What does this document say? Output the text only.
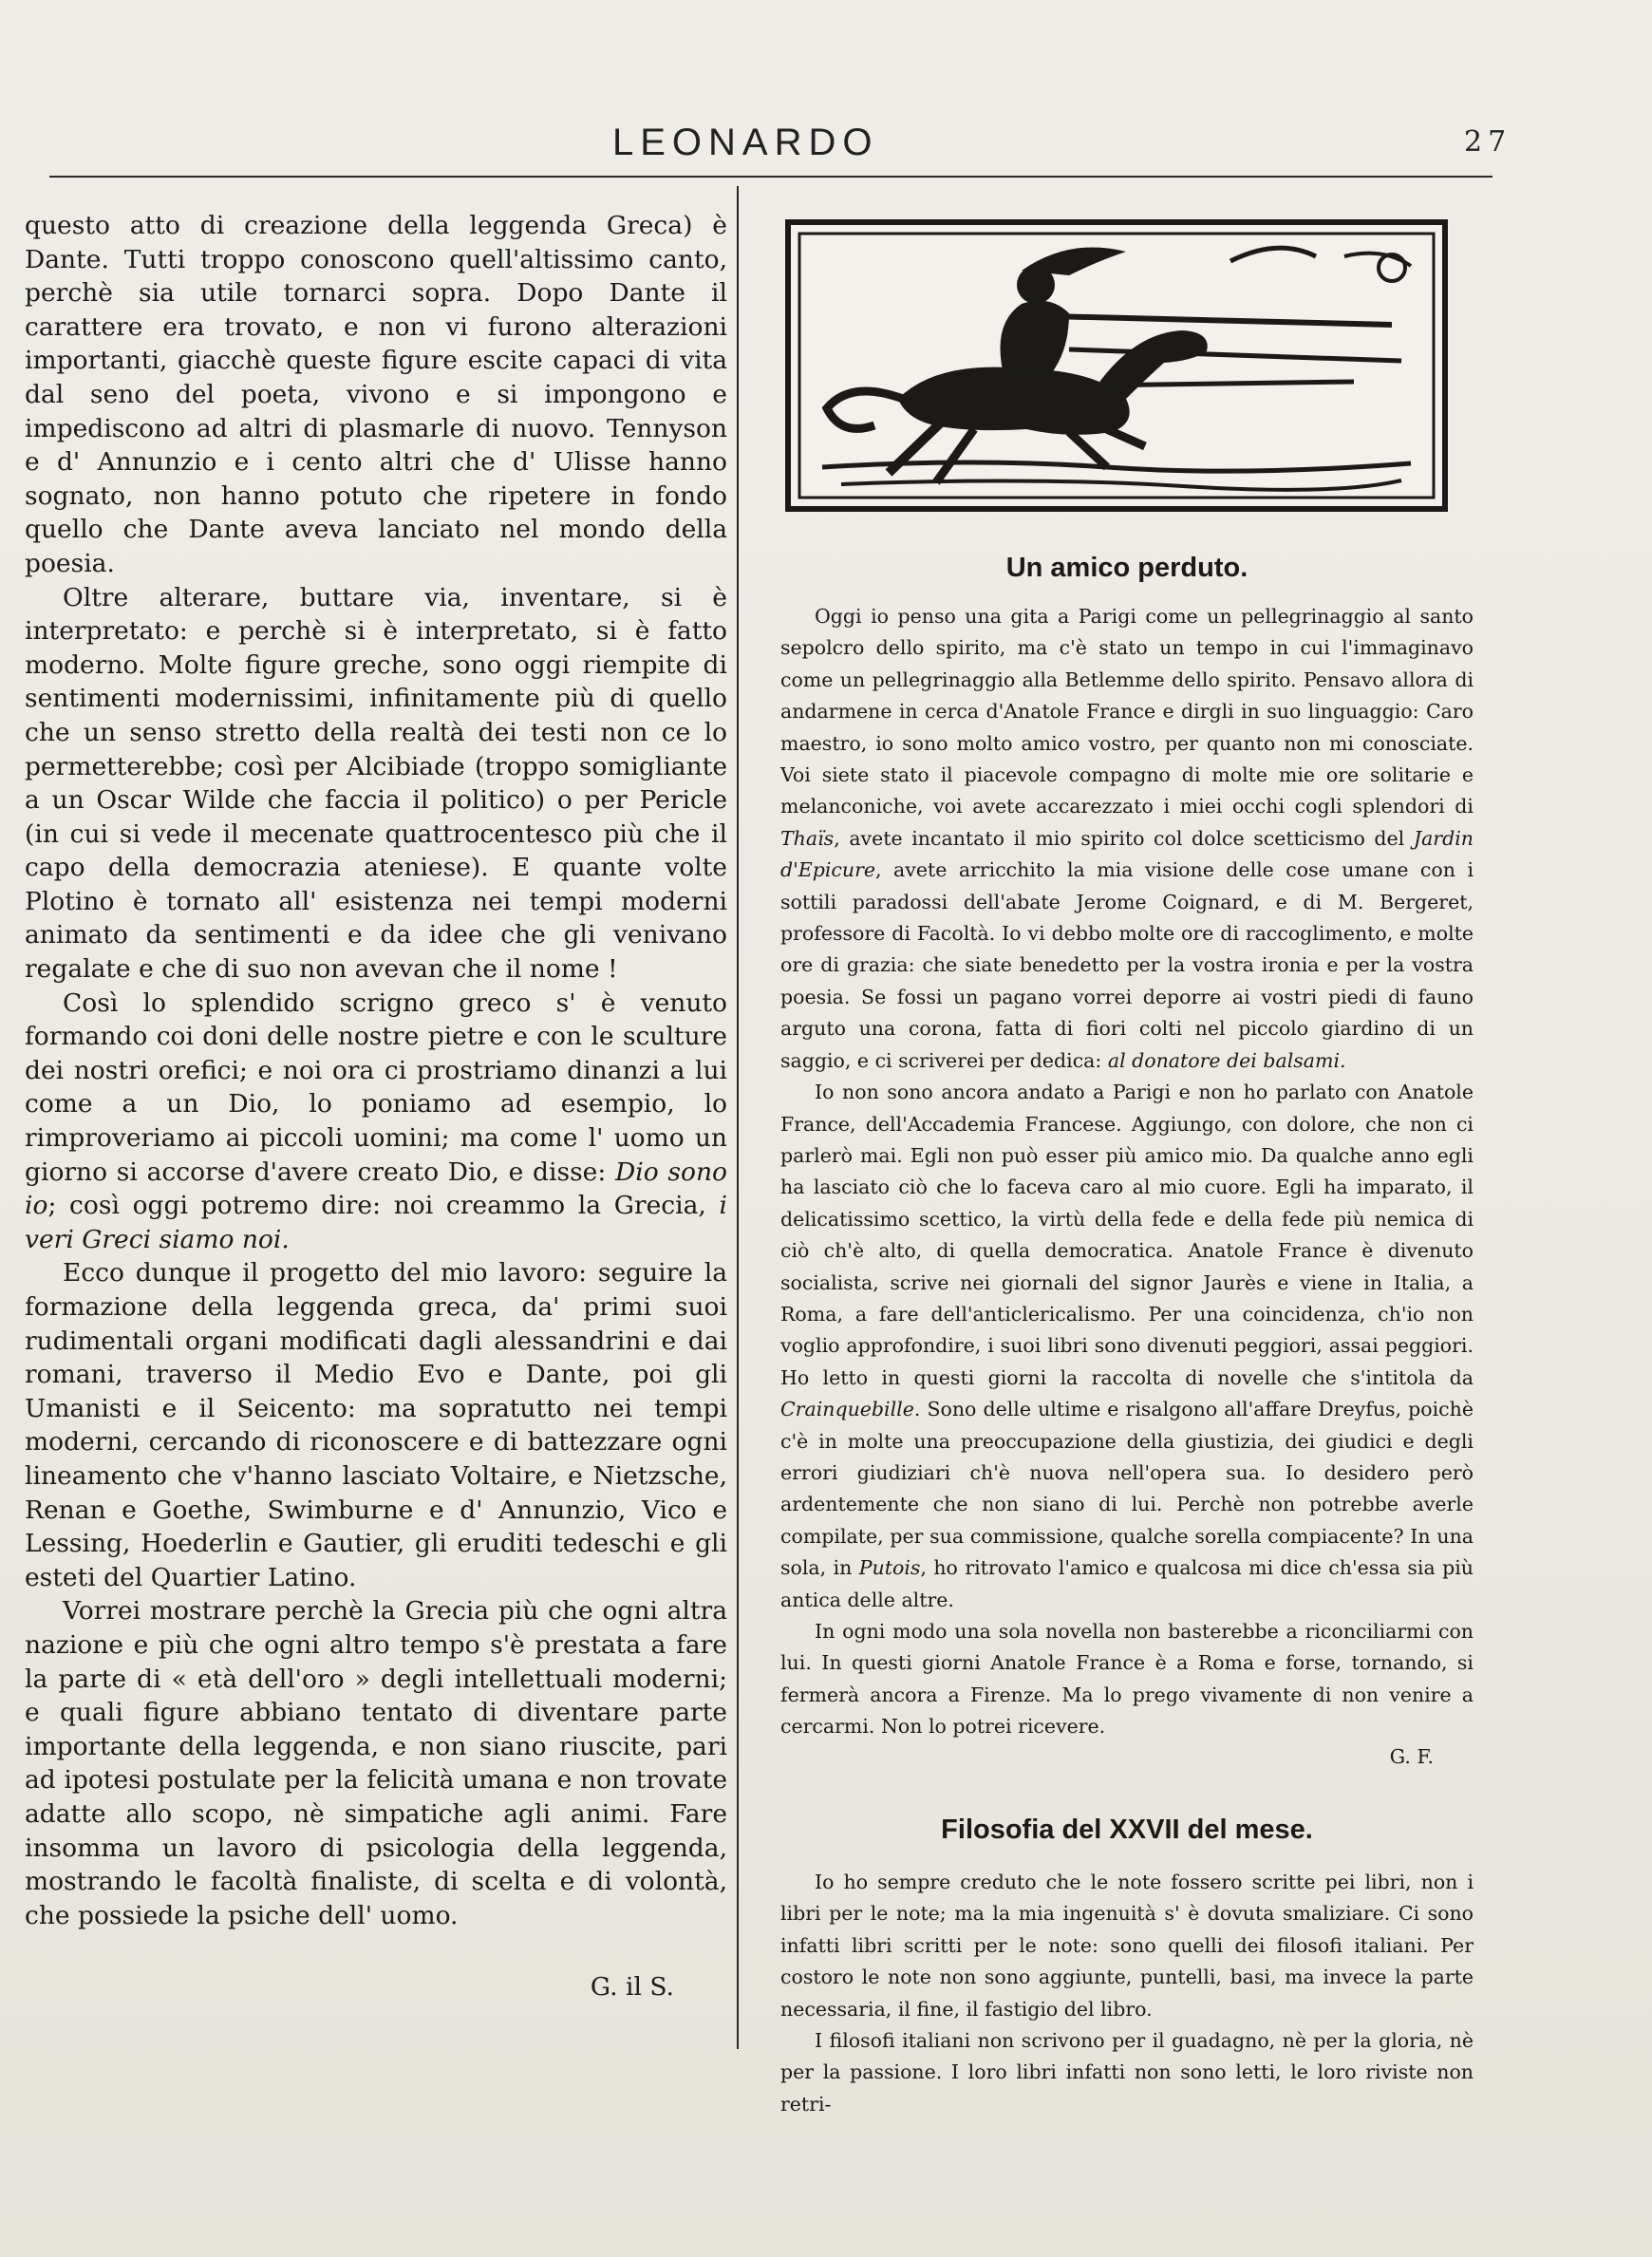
LEONARDO	27

questo atto di creazione della leggenda Greca) è Dante. Tutti troppo conoscono quell'altissimo canto, perchè sia utile tornarci sopra. Dopo Dante il carattere era trovato, e non vi furono alterazioni importanti, giacchè queste figure escite capaci di vita dal seno del poeta, vivono e si impongono e impediscono ad altri di plasmarle di nuovo. Tennyson e d' Annunzio e i cento altri che d' Ulisse hanno sognato, non hanno potuto che ripetere in fondo quello che Dante aveva lanciato nel mondo della poesia.

Oltre alterare, buttare via, inventare, si è interpretato: e perchè si è interpretato, si è fatto moderno. Molte figure greche, sono oggi riempite di sentimenti modernissimi, infinitamente più di quello che un senso stretto della realtà dei testi non ce lo permetterebbe; così per Alcibiade (troppo somigliante a un Oscar Wilde che faccia il politico) o per Pericle (in cui si vede il mecenate quattrocentesco più che il capo della democrazia ateniese). E quante volte Plotino è tornato all' esistenza nei tempi moderni animato da sentimenti e da idee che gli venivano regalate e che di suo non avevan che il nome !

Così lo splendido scrigno greco s' è venuto formando coi doni delle nostre pietre e con le sculture dei nostri orefici; e noi ora ci prostriamo dinanzi a lui come a un Dio, lo poniamo ad esempio, lo rimproveriamo ai piccoli uomini; ma come l' uomo un giorno si accorse d'avere creato Dio, e disse: Dio sono io; così oggi potremo dire: noi creammo la Grecia, i veri Greci siamo noi.

Ecco dunque il progetto del mio lavoro: seguire la formazione della leggenda greca, da' primi suoi rudimentali organi modificati dagli alessandrini e dai romani, traverso il Medio Evo e Dante, poi gli Umanisti e il Seicento: ma sopratutto nei tempi moderni, cercando di riconoscere e di battezzare ogni lineamento che v'hanno lasciato Voltaire, e Nietzsche, Renan e Goethe, Swimburne e d' Annunzio, Vico e Lessing, Hoederlin e Gautier, gli eruditi tedeschi e gli esteti del Quartier Latino.

Vorrei mostrare perchè la Grecia più che ogni altra nazione e più che ogni altro tempo s'è prestata a fare la parte di « età dell'oro » degli intellettuali moderni; e quali figure abbiano tentato di diventare parte importante della leggenda, e non siano riuscite, pari ad ipotesi postulate per la felicità umana e non trovate adatte allo scopo, nè simpatiche agli animi. Fare insomma un lavoro di psicologia della leggenda, mostrando le facoltà finaliste, di scelta e di volontà, che possiede la psiche dell' uomo.

G. il S.

Un amico perduto.

Oggi io penso una gita a Parigi come un pellegrinaggio al santo sepolcro dello spirito, ma c'è stato un tempo in cui l'immaginavo come un pellegrinaggio alla Betlemme dello spirito. Pensavo allora di andarmene in cerca d'Anatole France e dirgli in suo linguaggio: Caro maestro, io sono molto amico vostro, per quanto non mi conosciate. Voi siete stato il piacevole compagno di molte mie ore solitarie e melanconiche, voi avete accarezzato i miei occhi cogli splendori di Thaïs, avete incantato il mio spirito col dolce scetticismo del Jardin d'Epicure, avete arricchito la mia visione delle cose umane con i sottili paradossi dell'abate Jerome Coignard, e di M. Bergeret, professore di Facoltà. Io vi debbo molte ore di raccoglimento, e molte ore di grazia: che siate benedetto per la vostra ironia e per la vostra poesia. Se fossi un pagano vorrei deporre ai vostri piedi di fauno arguto una corona, fatta di fiori colti nel piccolo giardino di un saggio, e ci scriverei per dedica: al donatore dei balsami.

Io non sono ancora andato a Parigi e non ho parlato con Anatole France, dell'Accademia Francese. Aggiungo, con dolore, che non ci parlerò mai. Egli non può esser più amico mio. Da qualche anno egli ha lasciato ciò che lo faceva caro al mio cuore. Egli ha imparato, il delicatissimo scettico, la virtù della fede e della fede più nemica di ciò ch'è alto, di quella democratica. Anatole France è divenuto socialista, scrive nei giornali del signor Jaurès e viene in Italia, a Roma, a fare dell'anticlericalismo. Per una coincidenza, ch'io non voglio approfondire, i suoi libri sono divenuti peggiori, assai peggiori. Ho letto in questi giorni la raccolta di novelle che s'intitola da Crainquebille. Sono delle ultime e risalgono all'affare Dreyfus, poichè c'è in molte una preoccupazione della giustizia, dei giudici e degli errori giudiziari ch'è nuova nell'opera sua. Io desidero però ardentemente che non siano di lui. Perchè non potrebbe averle compilate, per sua commissione, qualche sorella compiacente? In una sola, in Putois, ho ritrovato l'amico e qualcosa mi dice ch'essa sia più antica delle altre.

In ogni modo una sola novella non basterebbe a riconciliarmi con lui. In questi giorni Anatole France è a Roma e forse, tornando, si fermerà ancora a Firenze. Ma lo prego vivamente di non venire a cercarmi. Non lo potrei ricevere.

G. F.

Filosofia del XXVII del mese.

Io ho sempre creduto che le note fossero scritte pei libri, non i libri per le note; ma la mia ingenuità s' è dovuta smaliziare. Ci sono infatti libri scritti per le note: sono quelli dei filosofi italiani. Per costoro le note non sono aggiunte, puntelli, basi, ma invece la parte necessaria, il fine, il fastigio del libro.

I filosofi italiani non scrivono per il guadagno, nè per la gloria, nè per la passione. I loro libri infatti non sono letti, le loro riviste non retri-
